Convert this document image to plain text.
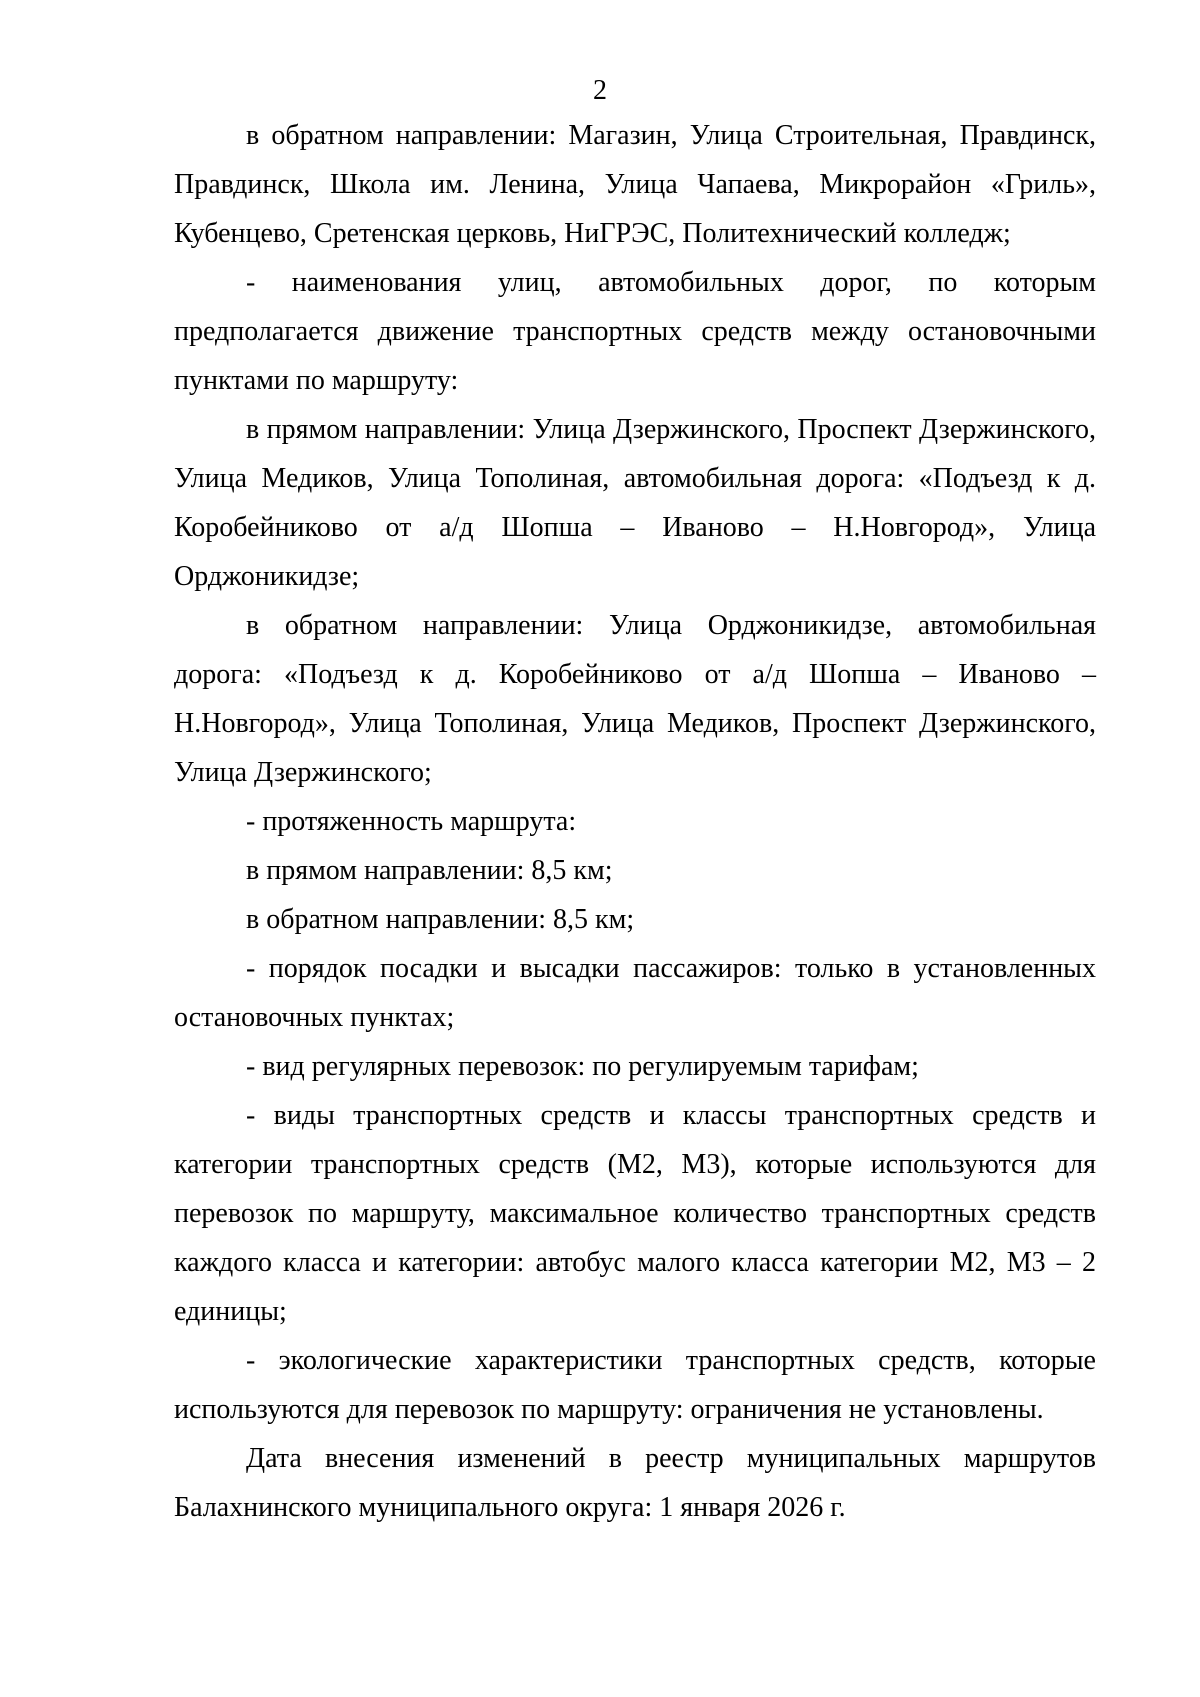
2

в обратном направлении: Магазин, Улица Строительная, Правдинск, Правдинск, Школа им. Ленина, Улица Чапаева, Микрорайон «Гриль», Кубенцево, Сретенская церковь, НиГРЭС, Политехнический колледж;

- наименования улиц, автомобильных дорог, по которым предполагается движение транспортных средств между остановочными пунктами по маршруту:

в прямом направлении: Улица Дзержинского, Проспект Дзержинского, Улица Медиков, Улица Тополиная, автомобильная дорога: «Подъезд к д. Коробейниково от а/д Шопша – Иваново – Н.Новгород», Улица Орджоникидзе;

в обратном направлении: Улица Орджоникидзе, автомобильная дорога: «Подъезд к д. Коробейниково от а/д Шопша – Иваново – Н.Новгород», Улица Тополиная, Улица Медиков, Проспект Дзержинского, Улица Дзержинского;

- протяженность маршрута:

в прямом направлении: 8,5 км;

в обратном направлении: 8,5 км;

- порядок посадки и высадки пассажиров: только в установленных остановочных пунктах;

- вид регулярных перевозок: по регулируемым тарифам;

- виды транспортных средств и классы транспортных средств и категории транспортных средств (М2, М3), которые используются для перевозок по маршруту, максимальное количество транспортных средств каждого класса и категории: автобус малого класса категории М2, М3 – 2 единицы;

- экологические характеристики транспортных средств, которые используются для перевозок по маршруту: ограничения не установлены.

Дата внесения изменений в реестр муниципальных маршрутов Балахнинского муниципального округа: 1 января 2026 г.
